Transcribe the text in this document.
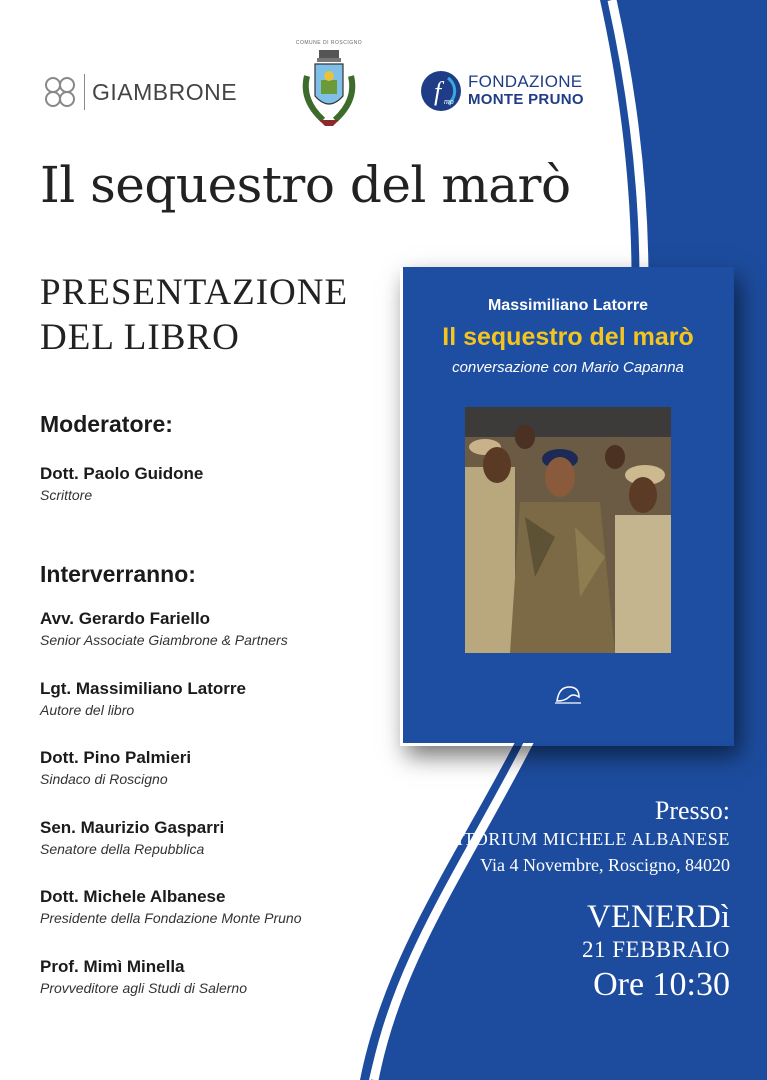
GIAMBRONE
COMUNE DI ROSCIGNO
f mp
FONDAZIONE
MONTE PRUNO
Il sequestro del marò
PRESENTAZIONE
DEL LIBRO
Moderatore:
Dott. Paolo Guidone
Scrittore
Interverranno:
Avv. Gerardo Fariello
Senior Associate Giambrone & Partners
Lgt. Massimiliano Latorre
Autore del libro
Dott. Pino Palmieri
Sindaco di Roscigno
Sen. Maurizio Gasparri
Senatore della Repubblica
Dott. Michele Albanese
Presidente della Fondazione Monte Pruno
Prof. Mimì Minella
Provveditore agli Studi di Salerno
Massimiliano Latorre
Il sequestro del marò
conversazione con Mario Capanna
Presso:
AUDITORIUM MICHELE ALBANESE
Via 4 Novembre, Roscigno, 84020
VENERDì
21 FEBBRAIO
Ore 10:30
